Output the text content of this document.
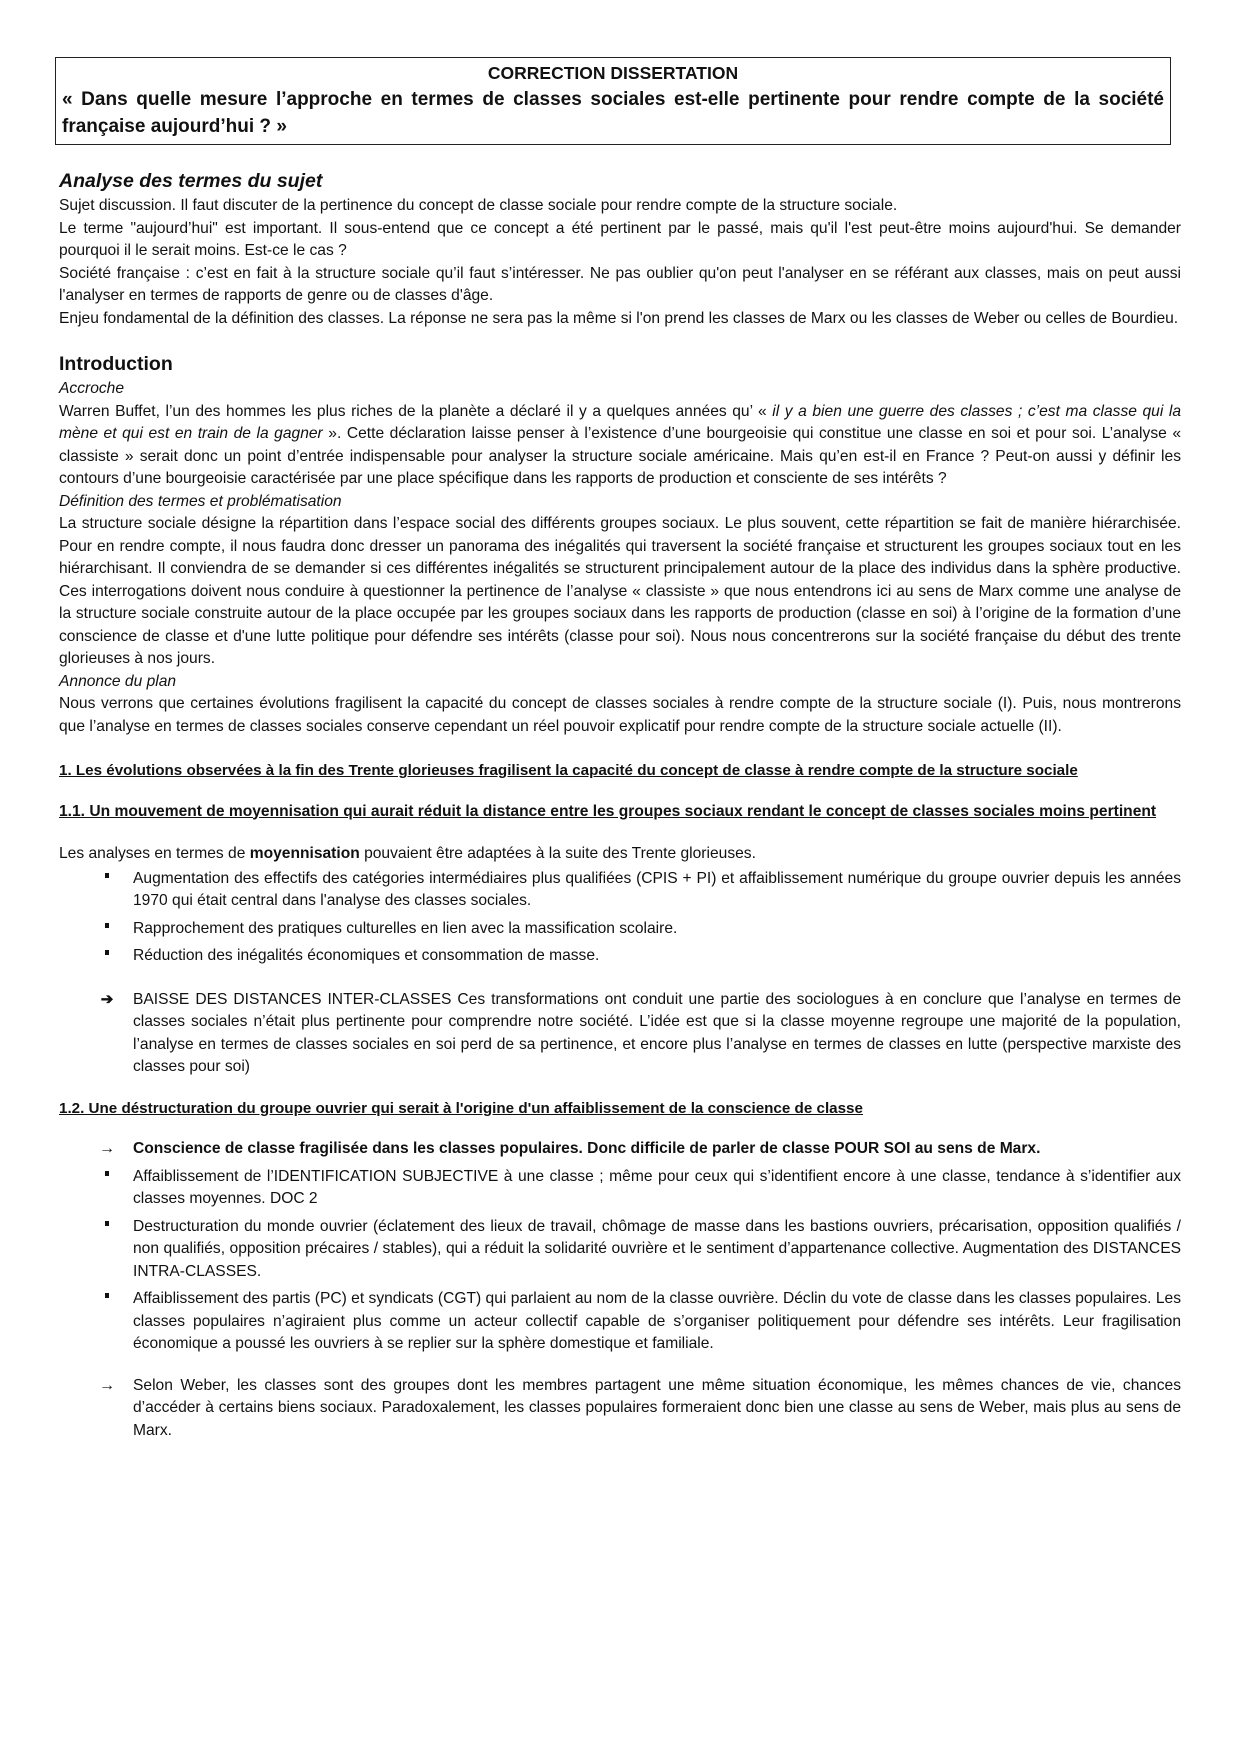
CORRECTION DISSERTATION
« Dans quelle mesure l’approche en termes de classes sociales est-elle pertinente pour rendre compte de la société française aujourd’hui ? »
Analyse des termes du sujet

Sujet discussion. Il faut discuter de la pertinence du concept de classe sociale pour rendre compte de la structure sociale.

Le terme "aujourd’hui" est important. Il sous-entend que ce concept a été pertinent par le passé, mais qu'il l'est peut-être moins aujourd'hui. Se demander pourquoi il le serait moins. Est-ce le cas ?

Société française : c’est en fait à la structure sociale qu’il faut s’intéresser. Ne pas oublier qu'on peut l'analyser en se référant aux classes, mais on peut aussi l'analyser en termes de rapports de genre ou de classes d'âge.

Enjeu fondamental de la définition des classes. La réponse ne sera pas la même si l'on prend les classes de Marx ou les classes de Weber ou celles de Bourdieu.

Introduction

Accroche

Warren Buffet, l’un des hommes les plus riches de la planète a déclaré il y a quelques années qu’ « il y a bien une guerre des classes ; c’est ma classe qui la mène et qui est en train de la gagner ». Cette déclaration laisse penser à l’existence d’une bourgeoisie qui constitue une classe en soi et pour soi. L’analyse « classiste » serait donc un point d’entrée indispensable pour analyser la structure sociale américaine. Mais qu’en est-il en France ? Peut-on aussi y définir les contours d’une bourgeoisie caractérisée par une place spécifique dans les rapports de production et consciente de ses intérêts ?

Définition des termes et problématisation

La structure sociale désigne la répartition dans l’espace social des différents groupes sociaux. Le plus souvent, cette répartition se fait de manière hiérarchisée. Pour en rendre compte, il nous faudra donc dresser un panorama des inégalités qui traversent la société française et structurent les groupes sociaux tout en les hiérarchisant. Il conviendra de se demander si ces différentes inégalités se structurent principalement autour de la place des individus dans la sphère productive. Ces interrogations doivent nous conduire à questionner la pertinence de l’analyse « classiste » que nous entendrons ici au sens de Marx comme une analyse de la structure sociale construite autour de la place occupée par les groupes sociaux dans les rapports de production (classe en soi) à l’origine de la formation d’une conscience de classe et d'une lutte politique pour défendre ses intérêts (classe pour soi). Nous nous concentrerons sur la société française du début des trente glorieuses à nos jours.

Annonce du plan

Nous verrons que certaines évolutions fragilisent la capacité du concept de classes sociales à rendre compte de la structure sociale (I). Puis, nous montrerons que l’analyse en termes de classes sociales conserve cependant un réel pouvoir explicatif pour rendre compte de la structure sociale actuelle (II).

1. Les évolutions observées à la fin des Trente glorieuses fragilisent la capacité du concept de classe à rendre compte de la structure sociale

1.1. Un mouvement de moyennisation qui aurait réduit la distance entre les groupes sociaux rendant le concept de classes sociales moins pertinent

Les analyses en termes de moyennisation pouvaient être adaptées à la suite des Trente glorieuses.

Augmentation des effectifs des catégories intermédiaires plus qualifiées (CPIS + PI) et affaiblissement numérique du groupe ouvrier depuis les années 1970 qui était central dans l'analyse des classes sociales.
Rapprochement des pratiques culturelles en lien avec la massification scolaire.
Réduction des inégalités économiques et consommation de masse.
➔ BAISSE DES DISTANCES INTER-CLASSES Ces transformations ont conduit une partie des sociologues à en conclure que l’analyse en termes de classes sociales n’était plus pertinente pour comprendre notre société. L’idée est que si la classe moyenne regroupe une majorité de la population, l’analyse en termes de classes sociales en soi perd de sa pertinence, et encore plus l’analyse en termes de classes en lutte (perspective marxiste des classes pour soi)

1.2. Une déstructuration du groupe ouvrier qui serait à l'origine d'un affaiblissement de la conscience de classe

→ Conscience de classe fragilisée dans les classes populaires. Donc difficile de parler de classe POUR SOI au sens de Marx.
Affaiblissement de l’IDENTIFICATION SUBJECTIVE à une classe ; même pour ceux qui s’identifient encore à une classe, tendance à s’identifier aux classes moyennes. DOC 2
Destructuration du monde ouvrier (éclatement des lieux de travail, chômage de masse dans les bastions ouvriers, précarisation, opposition qualifiés / non qualifiés, opposition précaires / stables), qui a réduit la solidarité ouvrière et le sentiment d’appartenance collective. Augmentation des DISTANCES INTRA-CLASSES.
Affaiblissement des partis (PC) et syndicats (CGT) qui parlaient au nom de la classe ouvrière. Déclin du vote de classe dans les classes populaires. Les classes populaires n’agiraient plus comme un acteur collectif capable de s’organiser politiquement pour défendre ses intérêts. Leur fragilisation économique a poussé les ouvriers à se replier sur la sphère domestique et familiale.
→ Selon Weber, les classes sont des groupes dont les membres partagent une même situation économique, les mêmes chances de vie, chances d’accéder à certains biens sociaux. Paradoxalement, les classes populaires formeraient donc bien une classe au sens de Weber, mais plus au sens de Marx.
